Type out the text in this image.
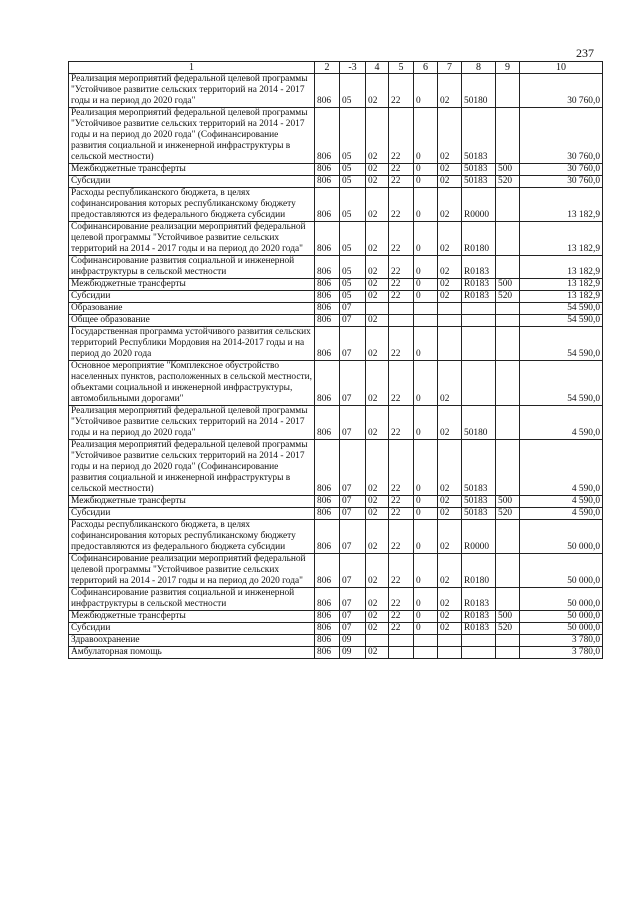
237
1	2	-3	4	5	6	7	8	9	10
Реализация мероприятий федеральной целевой программы "Устойчивое развитие сельских территорий на 2014 - 2017 годы и на период до 2020 года"	806	05	02	22	0	02	50180		30 760,0
Реализация мероприятий федеральной целевой программы "Устойчивое развитие сельских территорий на 2014 - 2017 годы и на период до 2020 года" (Софинансирование развития социальной и инженерной инфраструктуры в сельской местности)	806	05	02	22	0	02	50183		30 760,0
Межбюджетные трансферты	806	05	02	22	0	02	50183	500	30 760,0
Субсидии	806	05	02	22	0	02	50183	520	30 760,0
Расходы республиканского бюджета, в целях софинансирования которых республиканскому бюджету предоставляются из федерального бюджета субсидии	806	05	02	22	0	02	R0000		13 182,9
Софинансирование реализации мероприятий федеральной целевой программы "Устойчивое развитие сельских территорий на 2014 - 2017 годы и на период до 2020 года"	806	05	02	22	0	02	R0180		13 182,9
Софинансирование развития социальной и инженерной инфраструктуры в сельской местности	806	05	02	22	0	02	R0183		13 182,9
Межбюджетные трансферты	806	05	02	22	0	02	R0183	500	13 182,9
Субсидии	806	05	02	22	0	02	R0183	520	13 182,9
Образование	806	07							54 590,0
Общее образование	806	07	02						54 590,0
Государственная программа устойчивого развития сельских территорий Республики Мордовия на 2014-2017 годы и на период до 2020 года	806	07	02	22	0				54 590,0
Основное мероприятие "Комплексное обустройство населенных пунктов, расположенных в сельской местности, объектами социальной и инженерной инфраструктуры, автомобильными дорогами"	806	07	02	22	0	02			54 590,0
Реализация мероприятий федеральной целевой программы "Устойчивое развитие сельских территорий на 2014 - 2017 годы и на период до 2020 года"	806	07	02	22	0	02	50180		4 590,0
Реализация мероприятий федеральной целевой программы "Устойчивое развитие сельских территорий на 2014 - 2017 годы и на период до 2020 года" (Софинансирование развития социальной и инженерной инфраструктуры в сельской местности)	806	07	02	22	0	02	50183		4 590,0
Межбюджетные трансферты	806	07	02	22	0	02	50183	500	4 590,0
Субсидии	806	07	02	22	0	02	50183	520	4 590,0
Расходы республиканского бюджета, в целях софинансирования которых республиканскому бюджету предоставляются из федерального бюджета субсидии	806	07	02	22	0	02	R0000		50 000,0
Софинансирование реализации мероприятий федеральной целевой программы "Устойчивое развитие сельских территорий на 2014 - 2017 годы и на период до 2020 года"	806	07	02	22	0	02	R0180		50 000,0
Софинансирование развития социальной и инженерной инфраструктуры в сельской местности	806	07	02	22	0	02	R0183		50 000,0
Межбюджетные трансферты	806	07	02	22	0	02	R0183	500	50 000,0
Субсидии	806	07	02	22	0	02	R0183	520	50 000,0
Здравоохранение	806	09							3 780,0
Амбулаторная помощь	806	09	02						3 780,0
